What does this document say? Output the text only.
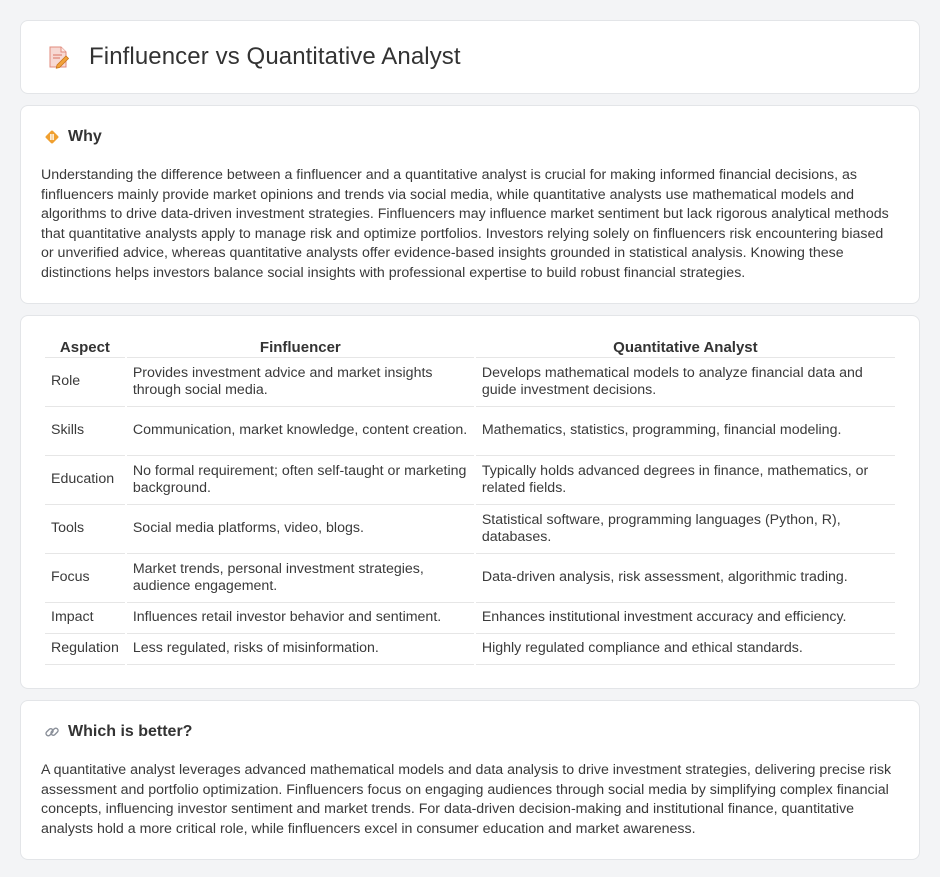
Finfluencer vs Quantitative Analyst
Why

Understanding the difference between a finfluencer and a quantitative analyst is crucial for making informed financial decisions, as finfluencers mainly provide market opinions and trends via social media, while quantitative analysts use mathematical models and algorithms to drive data-driven investment strategies. Finfluencers may influence market sentiment but lack rigorous analytical methods that quantitative analysts apply to manage risk and optimize portfolios. Investors relying solely on finfluencers risk encountering biased or unverified advice, whereas quantitative analysts offer evidence-based insights grounded in statistical analysis. Knowing these distinctions helps investors balance social insights with professional expertise to build robust financial strategies.

Aspect	Finfluencer	Quantitative Analyst
Role	Provides investment advice and market insights through social media.	Develops mathematical models to analyze financial data and guide investment decisions.
Skills	Communication, market knowledge, content creation.	Mathematics, statistics, programming, financial modeling.
Education	No formal requirement; often self-taught or marketing background.	Typically holds advanced degrees in finance, mathematics, or related fields.
Tools	Social media platforms, video, blogs.	Statistical software, programming languages (Python, R), databases.
Focus	Market trends, personal investment strategies, audience engagement.	Data-driven analysis, risk assessment, algorithmic trading.
Impact	Influences retail investor behavior and sentiment.	Enhances institutional investment accuracy and efficiency.
Regulation	Less regulated, risks of misinformation.	Highly regulated compliance and ethical standards.
Which is better?

A quantitative analyst leverages advanced mathematical models and data analysis to drive investment strategies, delivering precise risk assessment and portfolio optimization. Finfluencers focus on engaging audiences through social media by simplifying complex financial concepts, influencing investor sentiment and market trends. For data-driven decision-making and institutional finance, quantitative analysts hold a more critical role, while finfluencers excel in consumer education and market awareness.
